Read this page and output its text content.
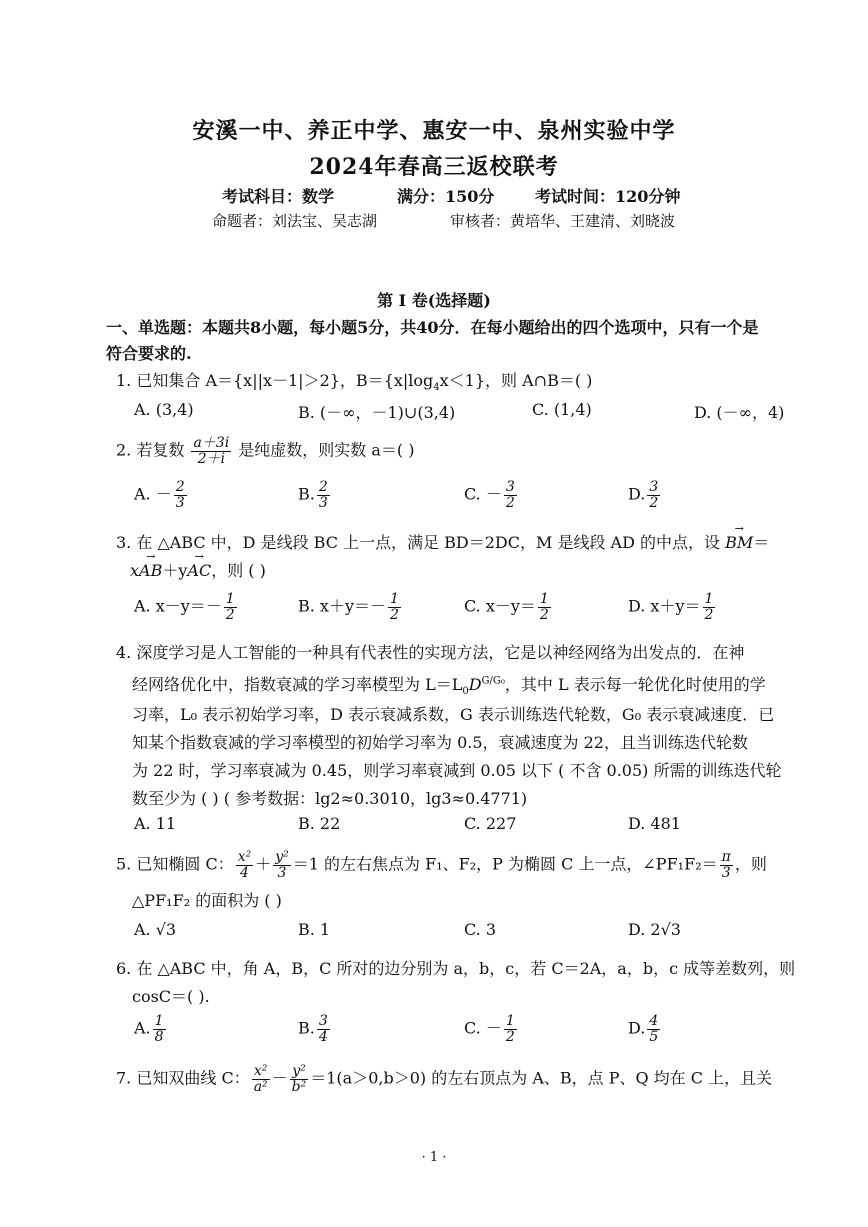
安溪一中、养正中学、惠安一中、泉州实验中学
2024年春高三返校联考
考试科目：数学	满分：150分	考试时间：120分钟
命题者：刘法宝、吴志湖	审核者：黄培华、王建清、刘晓波
第 Ⅰ 卷(选择题)
一、单选题：本题共8小题，每小题5分，共40分．在每小题给出的四个选项中，只有一个是
符合要求的.
1. 已知集合 A＝{x||x－1|＞2}，$B=\{x|\log_4x<1\}$，则 A∩B＝( )
A. (3,4)	B. (－∞，－1)∪(3,4)	C. (1,4)	D. (－∞，4)
2. 若复数 $\frac{a+3i}{2+i}$ 是纯虚数，则实数 a＝( )
A. － $\frac{2}{3}$	B. $\frac{2}{3}$	C. － $\frac{3}{2}$	D. $\frac{3}{2}$
3. 在 △ABC 中，D 是线段 BC 上一点，满足 BD＝2DC，M 是线段 AD 的中点，设 → BM＝
x→ AB＋y→ AC，则 ( )
A. $x-y=- \frac{1}{2}$	B. $x+y=- \frac{1}{2}$	C. $x-y= \frac{1}{2}$	D. $x+y= \frac{1}{2}$
4. 深度学习是人工智能的一种具有代表性的实现方法，它是以神经网络为出发点的．在神
经网络优化中，指数衰减的学习率模型为 $L=L_0D^{G/G_0}$，其中 L 表示每一轮优化时使用的学
习率，L₀ 表示初始学习率，D 表示衰减系数，G 表示训练迭代轮数，G₀ 表示衰减速度．已
知某个指数衰减的学习率模型的初始学习率为 0.5，衰减速度为 22，且当训练迭代轮数
为 22 时，学习率衰减为 0.45，则学习率衰减到 0.05 以下 ( 不含 0.05) 所需的训练迭代轮
数至少为 ( ) ( 参考数据：lg2≈0.3010，lg3≈0.4771)
A. 11	B. 22	C. 227	D. 481
5. 已知椭圆 C： $\frac{\text{x²}}{4} + \frac{\text{y²}}{3} =1$ 的左右焦点为 F₁、F₂，P 为椭圆 C 上一点，∠PF₁F₂＝ $\frac{\pi}{3}$ ，则
△PF₁F₂ 的面积为 ( )
A. √3	B. 1	C. 3	D. 2√3
6. 在 △ABC 中，角 A，B，C 所对的边分别为 a，b，c，若 C＝2A，a，b，c 成等差数列，则
cosC＝( ).
A. $\frac{1}{8}$	B. $\frac{3}{4}$	C. － $\frac{1}{2}$	D. $\frac{4}{5}$
7. 已知双曲线 C： $\frac{\text{x²}}{\text{a²}} - \frac{\text{y²}}{\text{b²}} =1(a>0,b>0)$ 的左右顶点为 A、B，点 P、Q 均在 C 上，且关
· 1 ·
